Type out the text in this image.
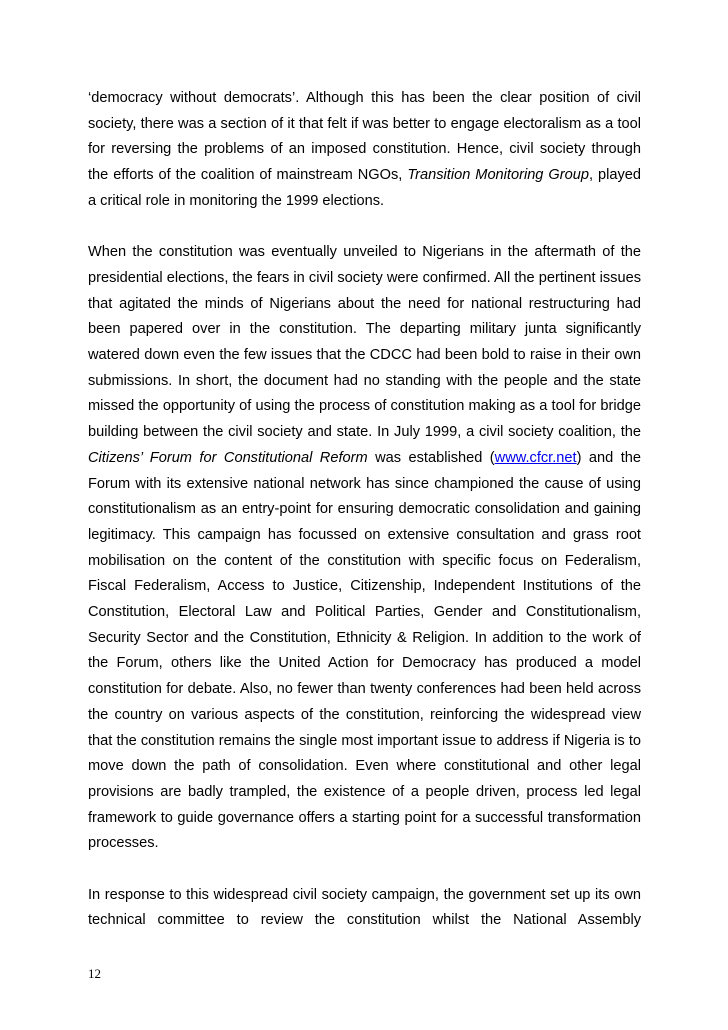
‘democracy without democrats’. Although this has been the clear position of civil society, there was a section of it that felt if was better to engage electoralism as a tool for reversing the problems of an imposed constitution. Hence, civil society through the efforts of the coalition of mainstream NGOs, Transition Monitoring Group, played a critical role in monitoring the 1999 elections.

When the constitution was eventually unveiled to Nigerians in the aftermath of the presidential elections, the fears in civil society were confirmed. All the pertinent issues that agitated the minds of Nigerians about the need for national restructuring had been papered over in the constitution. The departing military junta significantly watered down even the few issues that the CDCC had been bold to raise in their own submissions. In short, the document had no standing with the people and the state missed the opportunity of using the process of constitution making as a tool for bridge building between the civil society and state. In July 1999, a civil society coalition, the Citizens’ Forum for Constitutional Reform was established (www.cfcr.net) and the Forum with its extensive national network has since championed the cause of using constitutionalism as an entry-point for ensuring democratic consolidation and gaining legitimacy. This campaign has focussed on extensive consultation and grass root mobilisation on the content of the constitution with specific focus on Federalism, Fiscal Federalism, Access to Justice, Citizenship, Independent Institutions of the Constitution, Electoral Law and Political Parties, Gender and Constitutionalism, Security Sector and the Constitution, Ethnicity & Religion. In addition to the work of the Forum, others like the United Action for Democracy has produced a model constitution for debate. Also, no fewer than twenty conferences had been held across the country on various aspects of the constitution, reinforcing the widespread view that the constitution remains the single most important issue to address if Nigeria is to move down the path of consolidation. Even where constitutional and other legal provisions are badly trampled, the existence of a people driven, process led legal framework to guide governance offers a starting point for a successful transformation processes.

In response to this widespread civil society campaign, the government set up its own technical committee to review the constitution whilst the National Assembly

12
